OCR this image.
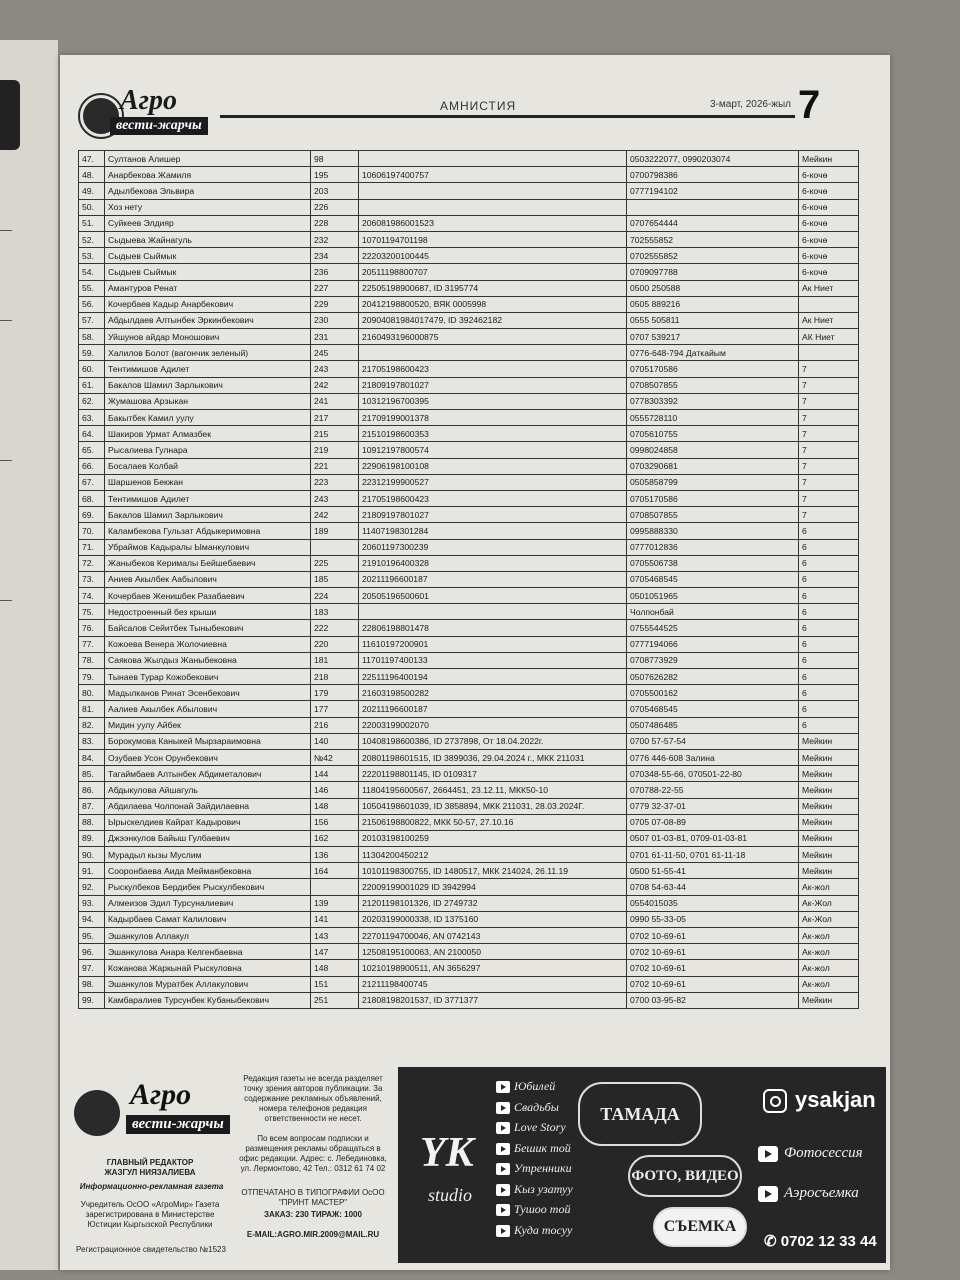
Агро
вести-жарчы
АМНИСТИЯ	3-март, 2026-жыл 7
47.	Султанов Алишер	98		0503222077, 0990203074	Мейкин
48.	Анарбекова Жамиля	195	10606197400757	0700798386	6-кочө
49.	Адылбекова Эльвира	203		0777194102	6-кочө
50.	Хоз нету	226			6-кочө
51.	Суйкеев Элдияр	228	20608198600152З	0707654444	6-кочө
52.	Сыдыева Жайнагуль	232	10701194701198	702555852	6-кочө
53.	Сыдыев Сыймык	234	22203200100445	0702555852	6-кочө
54.	Сыдыев Сыймык	236	20511198800707	0709097788	6-кочө
55.	Амантуров Ренат	227	22505198900687, ID 3195774	0500 250588	Ак Ниет
56.	Кочербаев Кадыр Анарбекович	229	20412198800520, ВЯК 0005998	0505 889216	
57.	Абдылдаев Алтынбек Эркинбекович	230	20904081984017479, ID 392462182	0555 505811	Ак Ниет
58.	Уйшунов айдар Моношович	231	2160493196000875	0707 539217	АК Ниет
59.	Халилов Болот (вагончик зеленый)	245		0776-648-794 Даткайым	
60.	Тентимишов Адилет	243	21705198600423	0705170586	7
61.	Бакалов Шамил Зарлыкович	242	21809197801027	0708507855	7
62.	Жумашова Арзыкан	241	10312196700395	0778303392	7
63.	Бакытбек Камил уулу	217	21709199001378	0555728110	7
64.	Шакиров Урмат Алмазбек	215	21510198600353	0705610755	7
65.	Рысалиева Гулнара	219	10912197800574	0998024858	7
66.	Босалаев Колбай	221	22906198100108	0703290681	7
67.	Шаршенов Бекжан	223	22312199900527	0505858799	7
68.	Тентимишов Адилет	243	21705198600423	0705170586	7
69.	Бакалов Шамил Зарлыкович	242	21809197801027	0708507855	7
70.	Каламбекова Гульзат Абдыкеримовна	189	11407198301284	0995888330	6
71.	Убраймов Кадыралы Ыманкулович		20601197300239	0777012836	6
72.	Жаныбеков Керималы Бейшебаевич	225	21910196400328	0705506738	6
73.	Аниев Акылбек Аабылович	185	20211196600187	0705468545	6
74.	Кочербаев Женишбек Разабаевич	224	20505196500601	0501051965	6
75.	Недостроенный без крыши	183		Чолпонбай	6
76.	Байсалов Сейитбек Тыныбекович	222	22806198801478	0755544525	6
77.	Кожоева Венера Жолочиевна	220	11610197200901	0777194066	6
78.	Саякова Жылдыз Жаныбековна	181	11701197400133	0708773929	6
79.	Тынаев Турар Кожобекович	218	22511196400194	0507626282	6
80.	Мадылканов Ринат Эсенбекович	179	21603198500282	0705500162	6
81.	Аалиев Акылбек Абылович	177	20211196600187	0705468545	6
82.	Мидин уулу Айбек	216	22003199002070	0507486485	6
83.	Борокумова Каныкей Мырзараимовна	140	10408198600386, ID 2737898, От 18.04.2022г.	0700 57-57-54	Мейкин
84.	Озубаев Усон Орунбекович	№42	20801198601515, ID 3899036, 29.04.2024 г., МКК 211031	0776 446-608 Залина	Мейкин
85.	Тагаймбаев Алтынбек Абдиметалович	144	22201198801145, ID 0109317	070348-55-66, 070501-22-80	Мейкин
86.	Абдыкулова Айшагуль	146	11804195600567, 2664451, 23.12.11, МКК50-10	070788-22-55	Мейкин
87.	Абдилаева Чолпонай Зайдилаевна	148	10504198601039, ID 3858894, МКК 211031, 28.03.2024Г.	0779 32-37-01	Мейкин
88.	Ырыскелдиев Кайрат Кадырович	156	21506198800822, МКК 50-57, 27.10.16	0705 07-08-89	Мейкин
89.	Джээнкулов Байыш Гулбаевич	162	20103198100259	0507 01-03-81, 0709-01-03-81	Мейкин
90.	Мурадыл кызы Муслим	136	11304200450212	0701 61-11-50, 0701 61-11-18	Мейкин
91.	Сооронбаева Аида Мейманбековна	164	10101198300755, ID 1480517, МКК 214024, 26.11.19	0500 51-55-41	Мейкин
92.	Рыскулбеков Бердибек Рыскулбекович		22009199001029 ID 3942994	0708 54-63-44	Ак-жол
93.	Алмеизов Эдил Турсуналиевич	139	21201198101326, ID 2749732	0554015035	Ак-Жол
94.	Кадырбаев Самат Калилович	141	20203199000338, ID 1375160	0990 55-33-05	Ак-Жол
95.	Эшанкулов Аллакул	143	22701194700046, AN 0742143	0702 10-69-61	Ак-жол
96.	Эшанкулова Анара Келгенбаевна	147	12508195100063, AN 2100050	0702 10-69-61	Ак-жол
97.	Кожанова Жаркынай Рыскуловна	148	10210198900511, AN 3656297	0702 10-69-61	Ак-жол
98.	Эшанкулов Муратбек Аллакулович	151	21211198400745	0702 10-69-61	Ак-жол
99.	Камбаралиев Турсунбек Кубаныбекович	251	21808198201537, ID 3771377	0700 03-95-82	Мейкин
Агро
вести-жарчы
ГЛАВНЫЙ РЕДАКТОР
ЖАЗГУЛ НИЯЗАЛИЕВА
Информационно-рекламная газета
Учредитель ОсОО «АгроМир» Газета зарегистрирована в Министерстве Юстиции Кыргызской Республики
Регистрационное свидетельство №1523
Редакция газеты не всегда разделяет точку зрения авторов публикации. За содержание рекламных объявлений, номера телефонов редакция ответственности не несет.
По всем вопросам подписки и размещения рекламы обращаться в офис редакции. Адрес: с. Лебединовка, ул. Лермонтово, 42 Тел.: 0312 61 74 02
ОТПЕЧАТАНО В ТИПОГРАФИИ ОсОО "ПРИНТ МАСТЕР"
ЗАКАЗ: 230 ТИРАЖ: 1000
E-MAIL:AGRO.MIR.2009@MAIL.RU
YK
studio
Юбилей
Свадьбы
Love Story
Бешик той
Утренники
Кыз узатуу
Тушоо той
Куда тосуу
ТАМАДА
ФОТО, ВИДЕО
СЪЕМКА
ysakjan
Фотосессия
Аэросъемка
✆ 0702 12 33 44
